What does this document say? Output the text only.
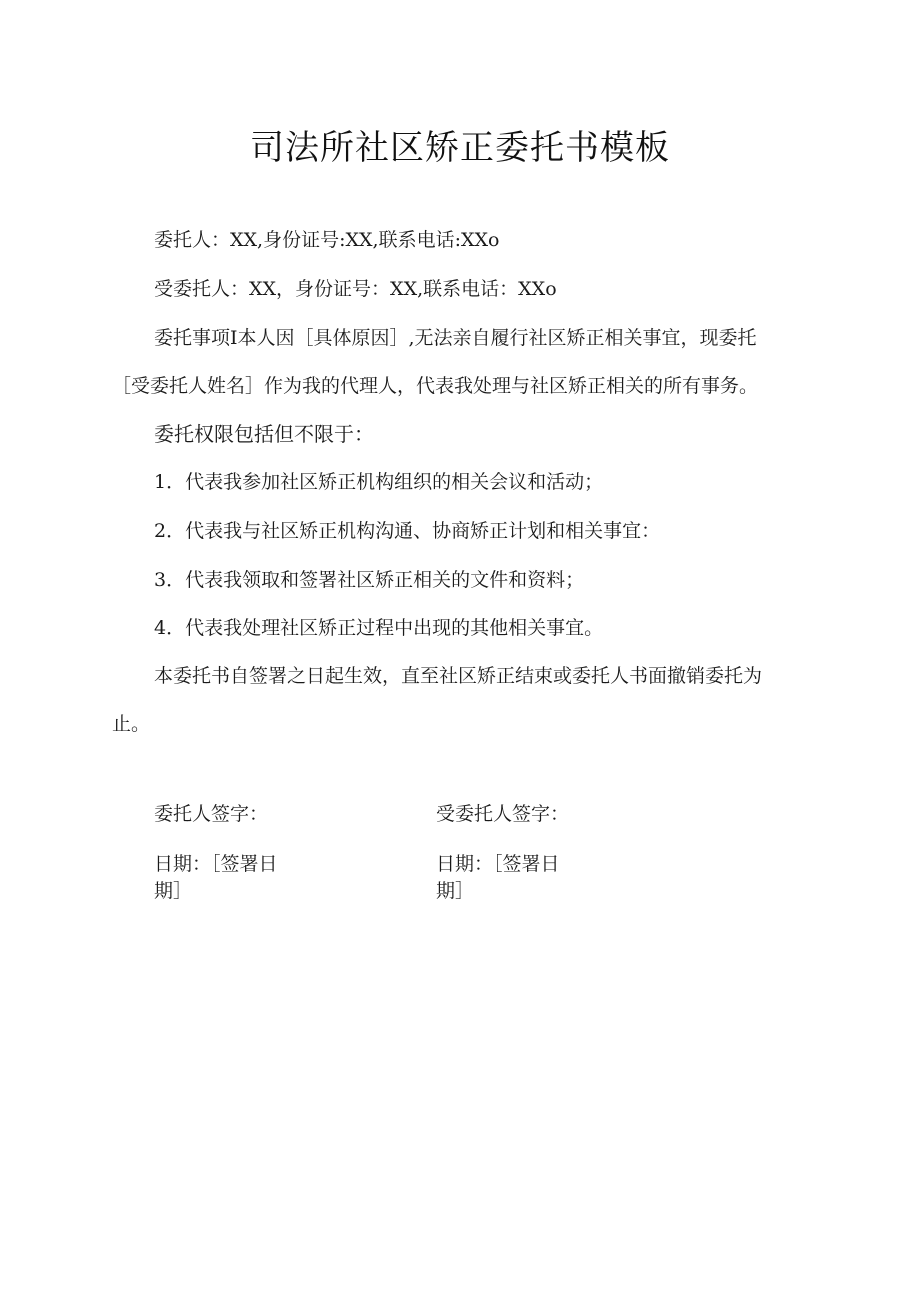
司法所社区矫正委托书模板
委托人：XX,身份证号:XX,联系电话:XXo
受委托人：XX，身份证号：XX,联系电话：XXo
委托事项I本人因［具体原因］,无法亲自履行社区矫正相关事宜，现委托
［受委托人姓名］作为我的代理人，代表我处理与社区矫正相关的所有事务。
委托权限包括但不限于：
1．代表我参加社区矫正机构组织的相关会议和活动；
2．代表我与社区矫正机构沟通、协商矫正计划和相关事宜：
3．代表我领取和签署社区矫正相关的文件和资料；
4．代表我处理社区矫正过程中出现的其他相关事宜。
本委托书自签署之日起生效，直至社区矫正结束或委托人书面撤销委托为
止。
委托人签字：	受委托人签字：
日期：［签署日
期］
日期：［签署日
期］
